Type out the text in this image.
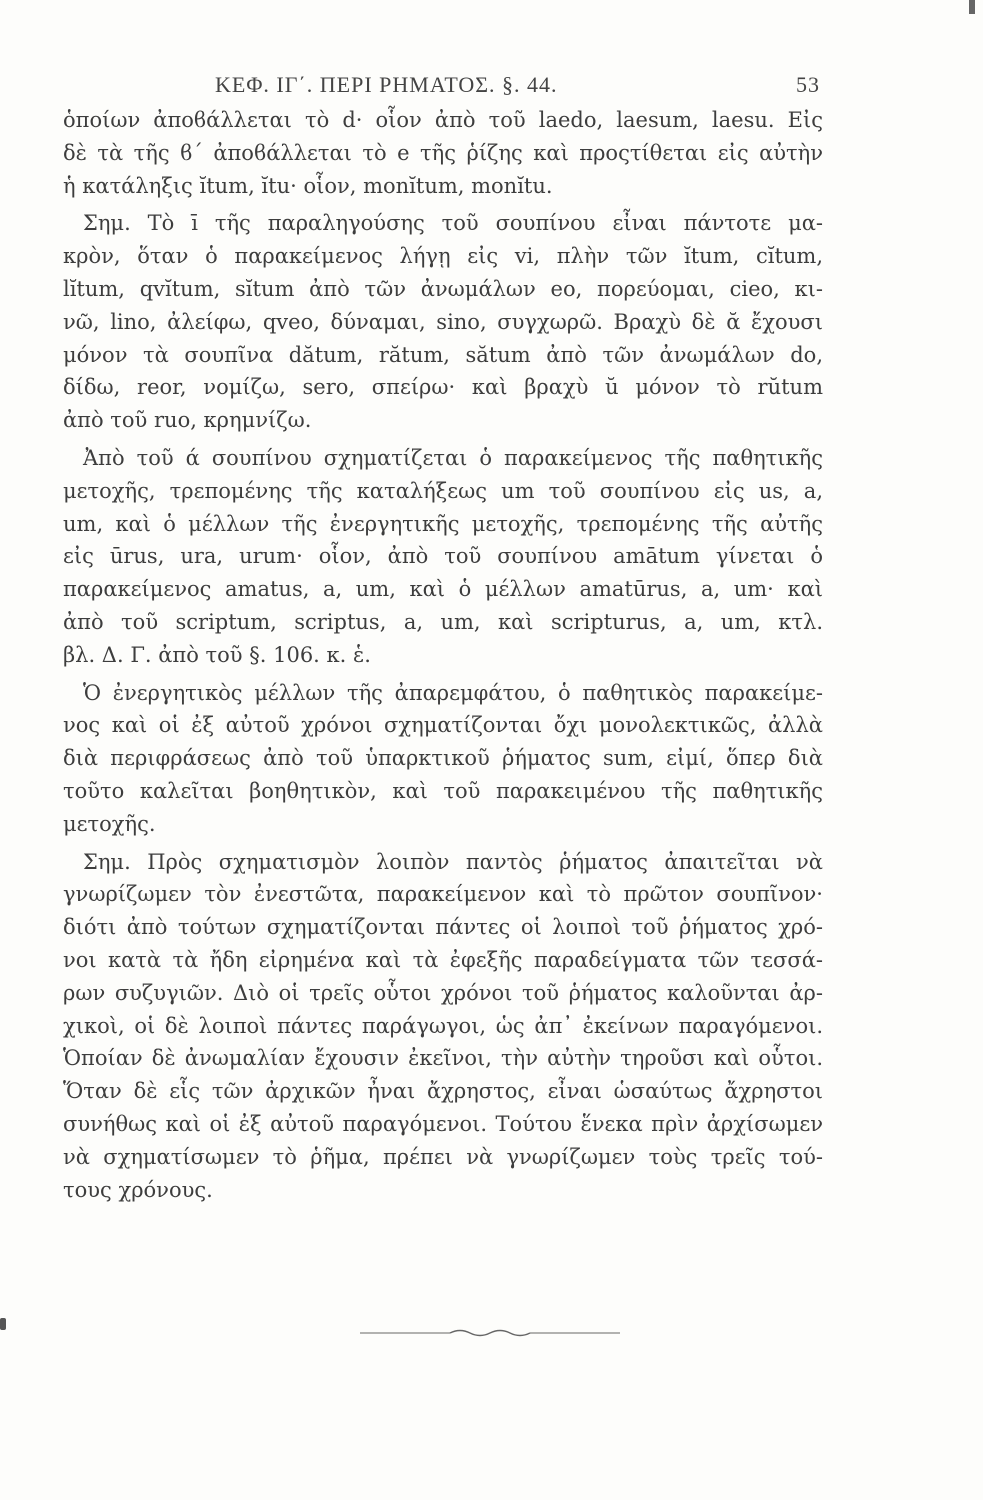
ΚΕΦ. ΙΓ΄. ΠΕΡΙ ΡΗΜΑΤΟΣ. §. 44.	53
ὁποίων ἀποϐάλλεται τὸ d· οἷον ἀπὸ τοῦ laedo, laesum, laesu. Εἰς
δὲ τὰ τῆς ϐ΄ ἀποϐάλλεται τὸ e τῆς ῥίζης καὶ προςτίθεται εἰς αὐτὴν
ἡ κατάληξις ĭtum, ĭtu· οἷον, monĭtum, monĭtu.
Σημ. Τὸ ī τῆς παραληγούσης τοῦ σουπίνου εἶναι πάντοτε μα-
κρὸν, ὅταν ὁ παρακείμενος λήγῃ εἰς vi, πλὴν τῶν ĭtum, cĭtum,
lĭtum, qvĭtum, sĭtum ἀπὸ τῶν ἀνωμάλων eo, πορεύομαι, cieo, κι-
νῶ, lino, ἀλείφω, qveo, δύναμαι, sino, συγχωρῶ. Βραχὺ δὲ ᾰ ἔχουσι
μόνον τὰ σουπῖνα dătum, rătum, sătum ἀπὸ τῶν ἀνωμάλων do,
δίδω, reor, νομίζω, sero, σπείρω· καὶ βραχὺ ŭ μόνον τὸ rŭtum
ἀπὸ τοῦ ruo, κρημνίζω.
Ἀπὸ τοῦ ά σουπίνου σχηματίζεται ὁ παρακείμενος τῆς παθητικῆς
μετοχῆς, τρεπομένης τῆς καταλήξεως um τοῦ σουπίνου εἰς us, a,
um, καὶ ὁ μέλλων τῆς ἐνεργητικῆς μετοχῆς, τρεπομένης τῆς αὐτῆς
εἰς ūrus, ura, urum· οἷον, ἀπὸ τοῦ σουπίνου amātum γίνεται ὁ
παρακείμενος amatus, a, um, καὶ ὁ μέλλων amatūrus, a, um· καὶ
ἀπὸ τοῦ scriptum, scriptus, a, um, καὶ scripturus, a, um, κτλ.
βλ. Δ. Γ. ἀπὸ τοῦ §. 106. κ. ἑ.
Ὁ ἐνεργητικὸς μέλλων τῆς ἀπαρεμφάτου, ὁ παθητικὸς παρακείμε-
νος καὶ οἱ ἐξ αὐτοῦ χρόνοι σχηματίζονται ὄχι μονολεκτικῶς, ἀλλὰ
διὰ περιφράσεως ἀπὸ τοῦ ὑπαρκτικοῦ ῥήματος sum, εἰμί, ὅπερ διὰ
τοῦτο καλεῖται βοηθητικὸν, καὶ τοῦ παρακειμένου τῆς παθητικῆς
μετοχῆς.
Σημ. Πρὸς σχηματισμὸν λοιπὸν παντὸς ῥήματος ἀπαιτεῖται νὰ
γνωρίζωμεν τὸν ἐνεστῶτα, παρακείμενον καὶ τὸ πρῶτον σουπῖνον·
διότι ἀπὸ τούτων σχηματίζονται πάντες οἱ λοιποὶ τοῦ ῥήματος χρό-
νοι κατὰ τὰ ἤδη εἰρημένα καὶ τὰ ἐφεξῆς παραδείγματα τῶν τεσσά-
ρων συζυγιῶν. Διὸ οἱ τρεῖς οὗτοι χρόνοι τοῦ ῥήματος καλοῦνται ἀρ-
χικοὶ, οἱ δὲ λοιποὶ πάντες παράγωγοι, ὡς ἀπ᾿ ἐκείνων παραγόμενοι.
Ὁποίαν δὲ ἀνωμαλίαν ἔχουσιν ἐκεῖνοι, τὴν αὐτὴν τηροῦσι καὶ οὗτοι.
Ὅταν δὲ εἷς τῶν ἀρχικῶν ἦναι ἄχρηστος, εἶναι ὡσαύτως ἄχρηστοι
συνήθως καὶ οἱ ἐξ αὐτοῦ παραγόμενοι. Τούτου ἕνεκα πρὶν ἀρχίσωμεν
νὰ σχηματίσωμεν τὸ ῥῆμα, πρέπει νὰ γνωρίζωμεν τοὺς τρεῖς τού-
τους χρόνους.
